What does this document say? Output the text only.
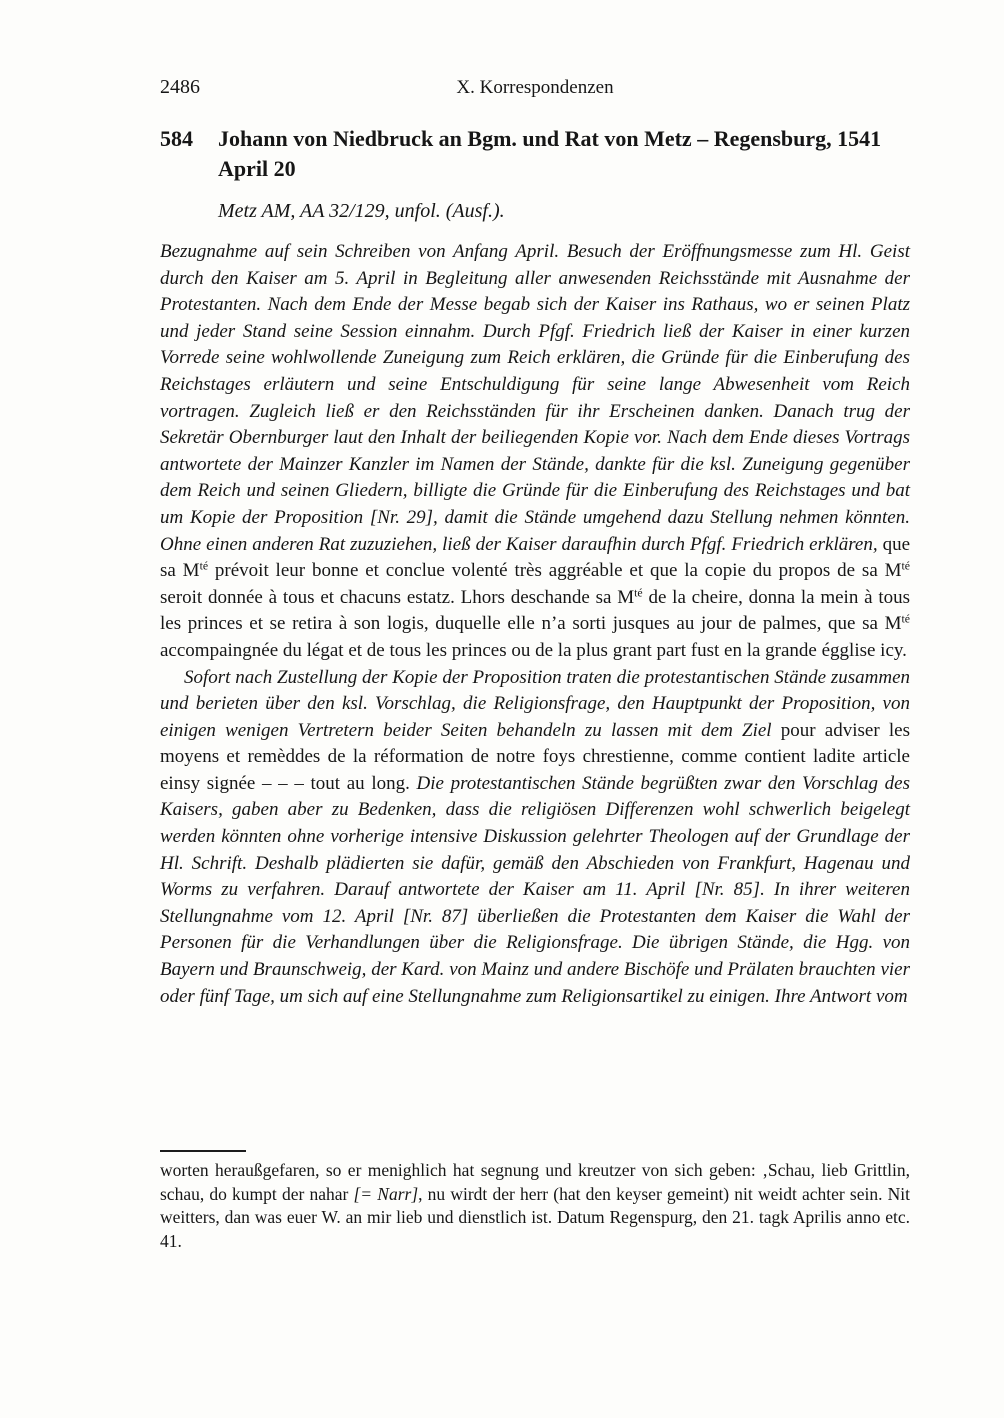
2486	X. Korrespondenzen
584	Johann von Niedbruck an Bgm. und Rat von Metz – Regensburg, 1541 April 20
Metz AM, AA 32/129, unfol. (Ausf.).

Bezugnahme auf sein Schreiben von Anfang April. Besuch der Eröffnungsmesse zum Hl. Geist durch den Kaiser am 5. April in Begleitung aller anwesenden Reichsstände mit Ausnahme der Protestanten. Nach dem Ende der Messe begab sich der Kaiser ins Rathaus, wo er seinen Platz und jeder Stand seine Session einnahm. Durch Pfgf. Friedrich ließ der Kaiser in einer kurzen Vorrede seine wohlwollende Zuneigung zum Reich erklären, die Gründe für die Einberufung des Reichstages erläutern und seine Entschuldigung für seine lange Abwesenheit vom Reich vortragen. Zugleich ließ er den Reichsständen für ihr Erscheinen danken. Danach trug der Sekretär Obernburger laut den Inhalt der beiliegenden Kopie vor. Nach dem Ende dieses Vortrags antwortete der Mainzer Kanzler im Namen der Stände, dankte für die ksl. Zuneigung gegenüber dem Reich und seinen Gliedern, billigte die Gründe für die Einberufung des Reichstages und bat um Kopie der Proposition [Nr. 29], damit die Stände umgehend dazu Stellung nehmen könnten. Ohne einen anderen Rat zuzuziehen, ließ der Kaiser daraufhin durch Pfgf. Friedrich erklären, que sa $M^{té}$ prévoit leur bonne et conclue volenté très aggréable et que la copie du propos de sa $M^{té}$ seroit donnée à tous et chacuns estatz. Lhors deschande sa $M^{té}$ de la cheire, donna la mein à tous les princes et se retira à son logis, duquelle elle n’a sorti jusques au jour de palmes, que sa $M^{té}$ accompaingnée du légat et de tous les princes ou de la plus grant part fust en la grande égglise icy.

Sofort nach Zustellung der Kopie der Proposition traten die protestantischen Stände zusammen und berieten über den ksl. Vorschlag, die Religionsfrage, den Hauptpunkt der Proposition, von einigen wenigen Vertretern beider Seiten behandeln zu lassen mit dem Ziel pour adviser les moyens et remèddes de la réformation de notre foys chrestienne, comme contient ladite article einsy signée – – – tout au long. Die protestantischen Stände begrüßten zwar den Vorschlag des Kaisers, gaben aber zu Bedenken, dass die religiösen Differenzen wohl schwerlich beigelegt werden könnten ohne vorherige intensive Diskussion gelehrter Theologen auf der Grundlage der Hl. Schrift. Deshalb plädierten sie dafür, gemäß den Abschieden von Frankfurt, Hagenau und Worms zu verfahren. Darauf antwortete der Kaiser am 11. April [Nr. 85]. In ihrer weiteren Stellungnahme vom 12. April [Nr. 87] überließen die Protestanten dem Kaiser die Wahl der Personen für die Verhandlungen über die Religionsfrage. Die übrigen Stände, die Hgg. von Bayern und Braunschweig, der Kard. von Mainz und andere Bischöfe und Prälaten brauchten vier oder fünf Tage, um sich auf eine Stellungnahme zum Religionsartikel zu einigen. Ihre Antwort vom

worten heraußgefaren, so er menighlich hat segnung und kreutzer von sich geben: ‚Schau, lieb Grittlin, schau, do kumpt der nahar [= Narr], nu wirdt der herr (hat den keyser gemeint) nit weidt achter sein. Nit weitters, dan was euer W. an mir lieb und dienstlich ist. Datum Regenspurg, den 21. tagk Aprilis anno etc. 41.
